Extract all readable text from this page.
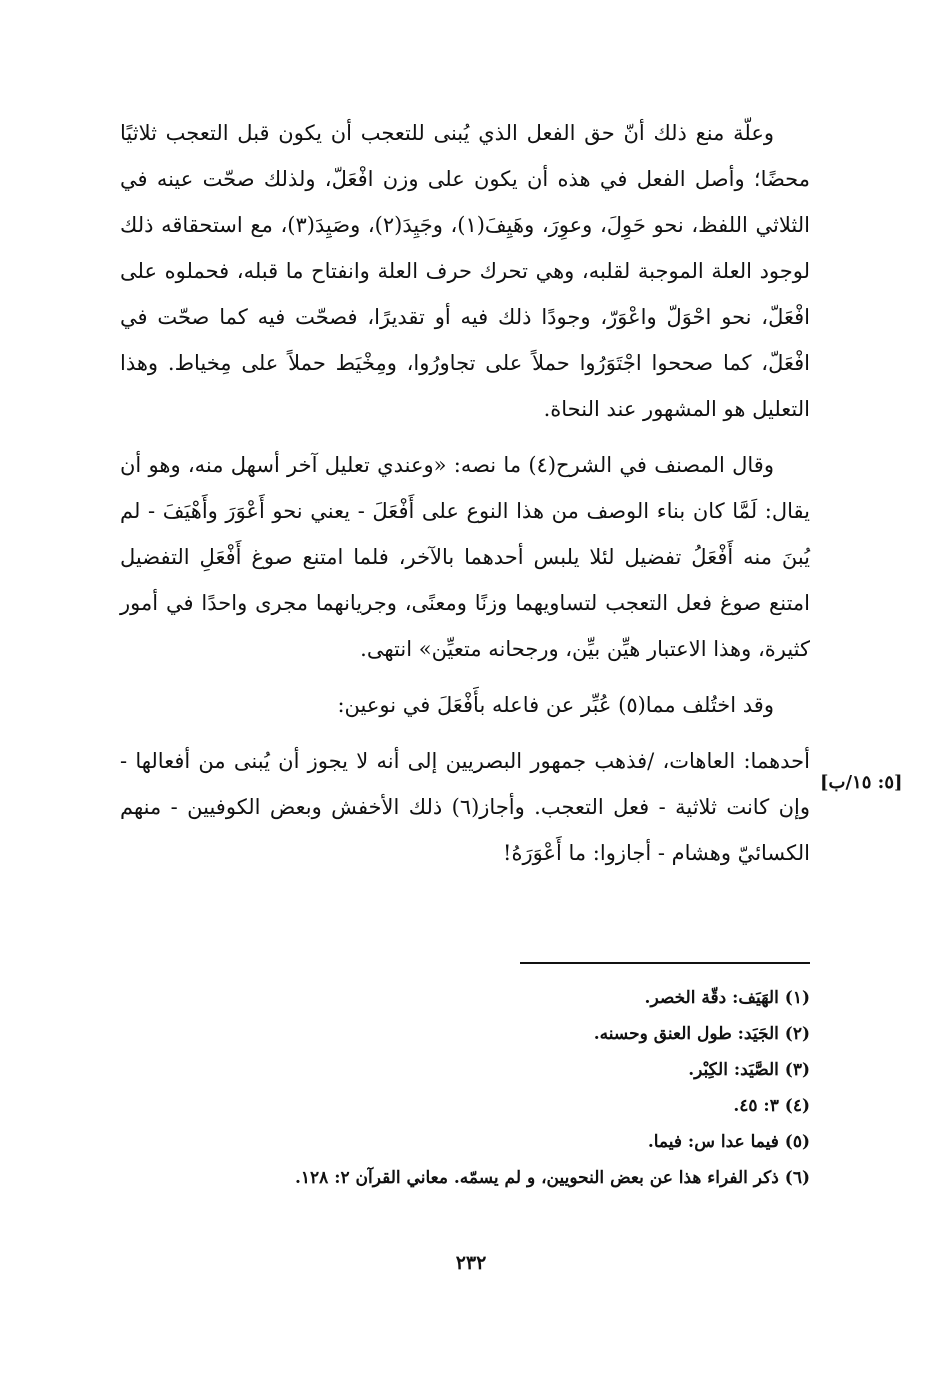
[٥: ١٥/ب]

وعلّة منع ذلك أنّ حق الفعل الذي يُبنى للتعجب أن يكون قبل التعجب ثلاثيًا محضًا؛ وأصل الفعل في هذه أن يكون على وزن افْعَلّ، ولذلك صحّت عينه في الثلاثي اللفظ، نحو حَوِلَ، وعوِرَ، وهَيِفَ(١)، وجَيِدَ(٢)، وصَيِدَ(٣)، مع استحقاقه ذلك لوجود العلة الموجبة لقلبه، وهي تحرك حرف العلة وانفتاح ما قبله، فحملوه على افْعَلّ، نحو احْوَلّ واعْوَرّ، وجودًا ذلك فيه أو تقديرًا، فصحّت فيه كما صحّت في افْعَلّ، كما صححوا اجْتَوَرُوا حملاً على تجاورُوا، ومِخْيَط حملاً على مِخياط. وهذا التعليل هو المشهور عند النحاة.

وقال المصنف في الشرح(٤) ما نصه: «وعندي تعليل آخر أسهل منه، وهو أن يقال: لَمَّا كان بناء الوصف من هذا النوع على أَفْعَلَ - يعني نحو أَعْوَرَ وأَهْيَفَ - لم يُبنَ منه أَفْعَلُ تفضيل لئلا يلبس أحدهما بالآخر، فلما امتنع صوغ أَفْعَلِ التفضيل امتنع صوغ فعل التعجب لتساويهما وزنًا ومعنًى، وجريانهما مجرى واحدًا في أمور كثيرة، وهذا الاعتبار هيِّن بيِّن، ورجحانه متعيِّن» انتهى.

وقد اختُلف مما(٥) عُبِّر عن فاعله بأَفْعَلَ في نوعين:

أحدهما: العاهات، /فذهب جمهور البصريين إلى أنه لا يجوز أن يُبنى من أفعالها - وإن كانت ثلاثية - فعل التعجب. وأجاز(٦) ذلك الأخفش وبعض الكوفيين - منهم الكسائيّ وهشام - أجازوا: ما أَعْوَرَهُ!

(١) الهَيَف: دقّة الخصر.

(٢) الجَيَد: طول العنق وحسنه.

(٣) الصَّيَد: الكِبْر.

(٤) ٣: ٤٥.

(٥) فيما عدا س: فيما.

(٦) ذكر الفراء هذا عن بعض النحويين، و لم يسمّه. معاني القرآن ٢: ١٢٨.

٢٣٢
